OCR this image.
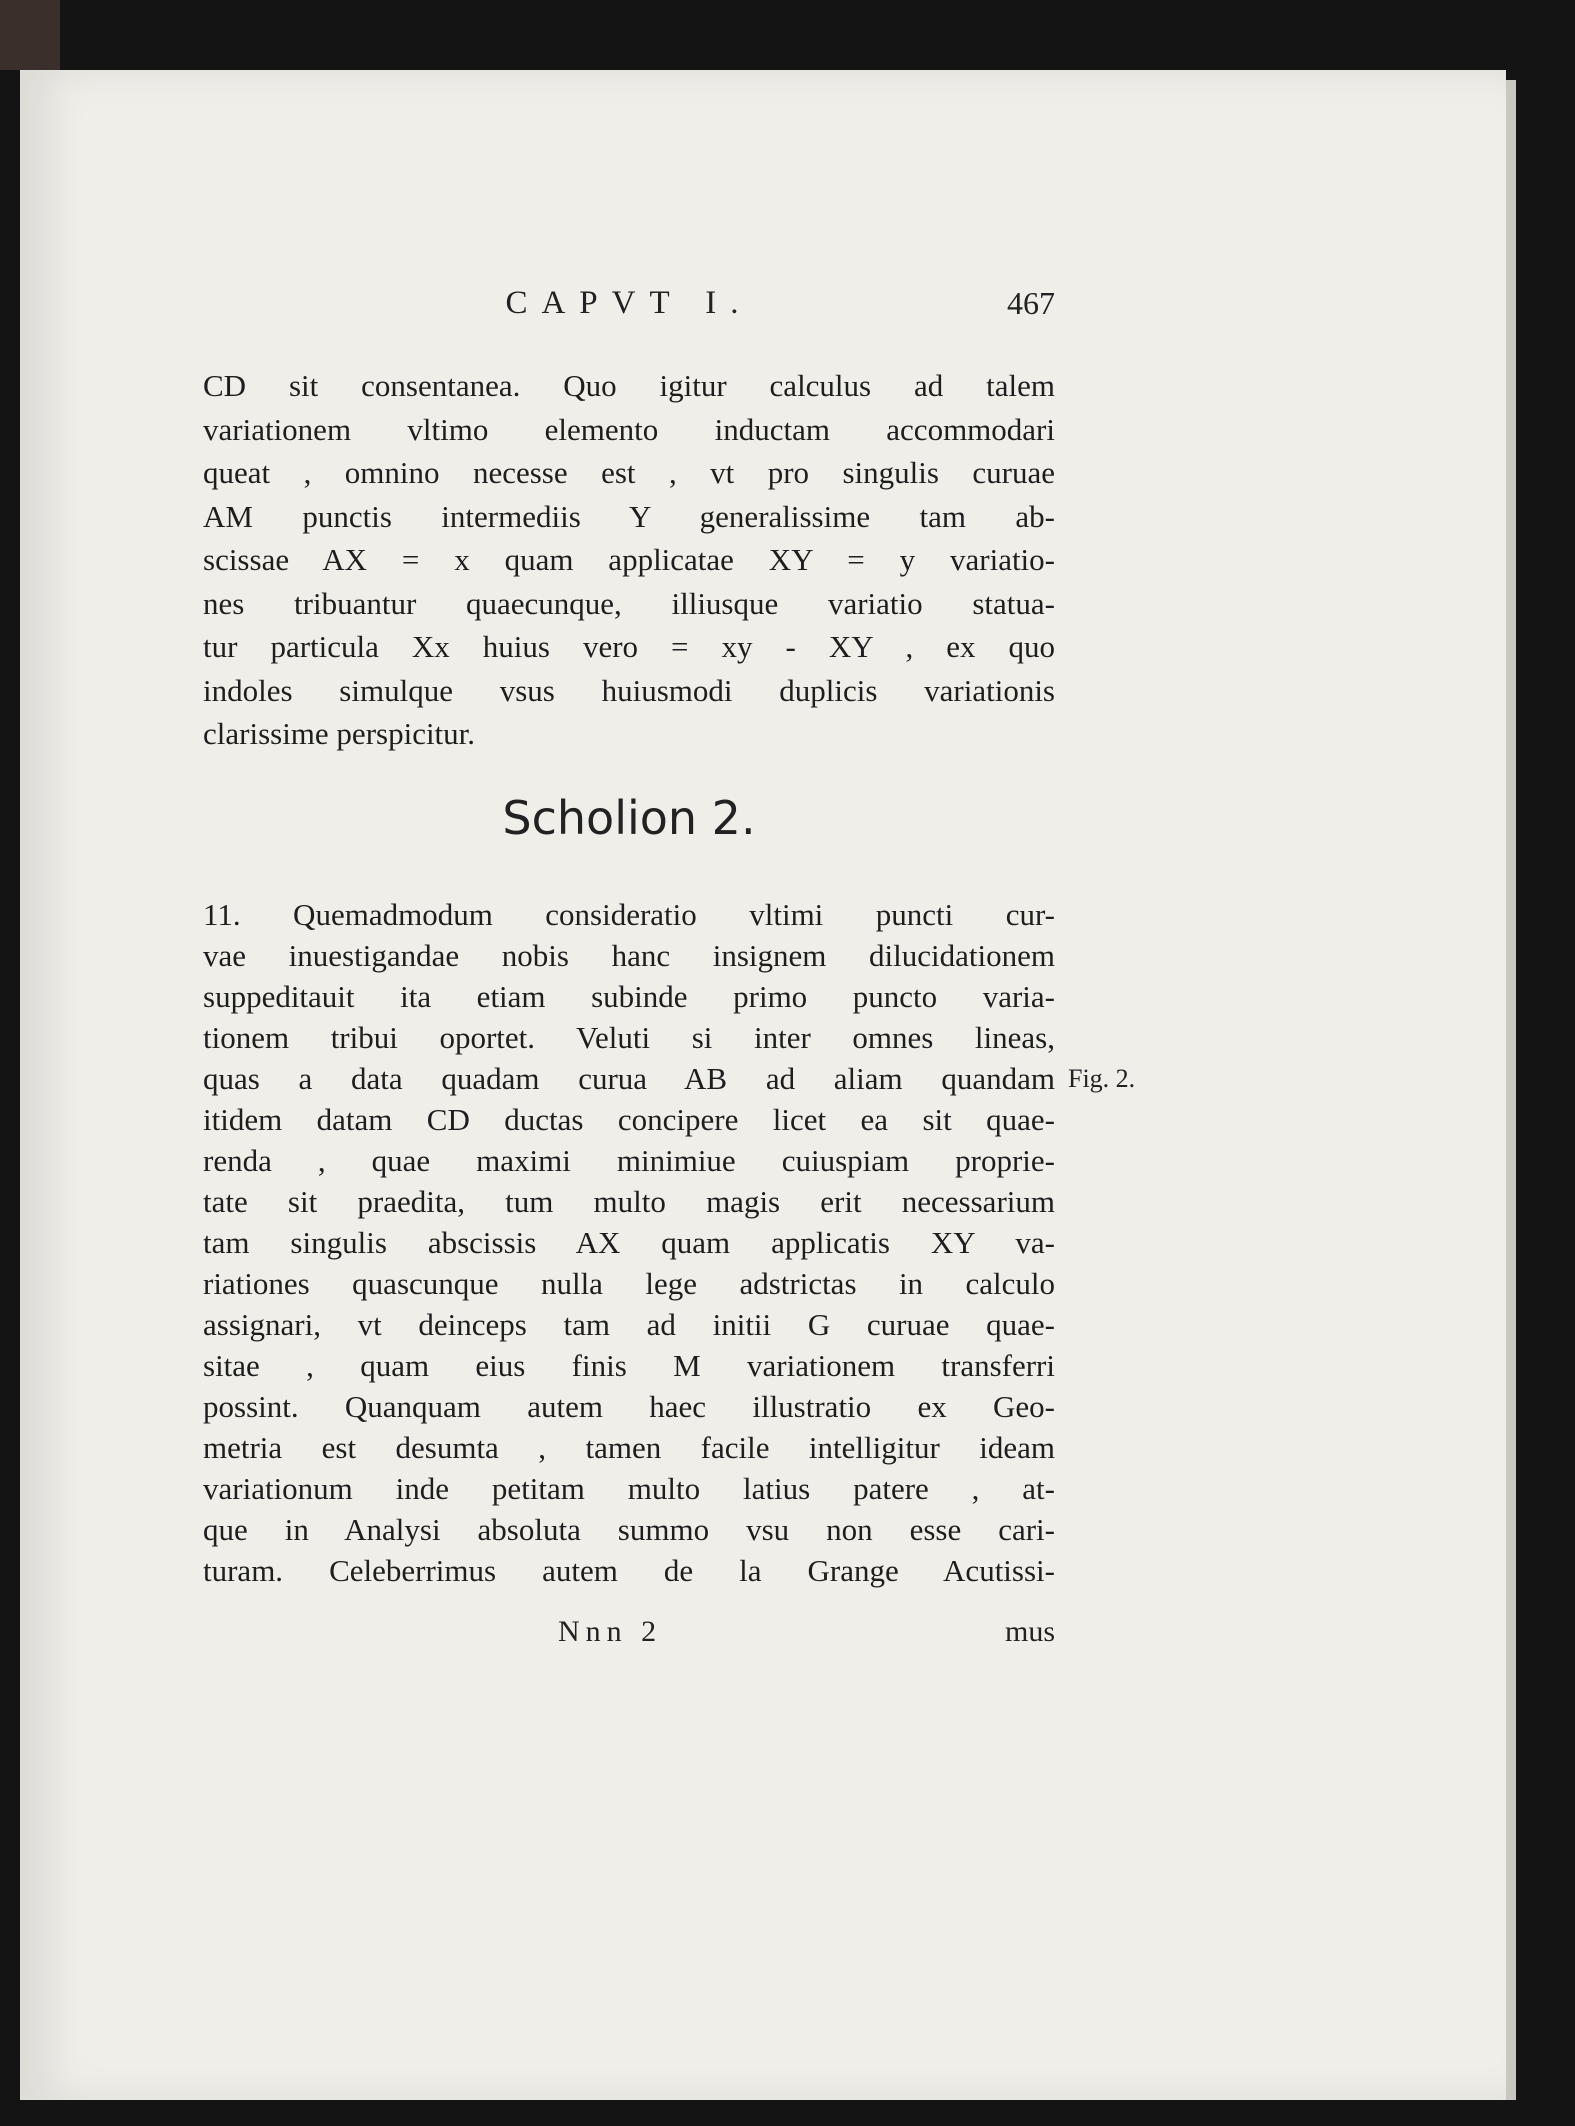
CAPVT I.	467
CD sit consentanea. Quo igitur calculus ad talem
variationem vltimo elemento inductam accommodari
queat , omnino necesse est , vt pro singulis curuae
AM punctis intermediis Y generalissime tam ab-
scissae AX = x quam applicatae XY = y variatio-
nes tribuantur quaecunque, illiusque variatio statua-
tur particula Xx huius vero = xy - XY , ex quo
indoles simulque vsus huiusmodi duplicis variationis
clarissime perspicitur.
Scholion 2.
11. Quemadmodum consideratio vltimi puncti cur-
vae inuestigandae nobis hanc insignem dilucidationem
suppeditauit ita etiam subinde primo puncto varia-
tionem tribui oportet. Veluti si inter omnes lineas,
quas a data quadam curua AB ad aliam quandam
itidem datam CD ductas concipere licet ea sit quae-
renda , quae maximi minimiue cuiuspiam proprie-
tate sit praedita, tum multo magis erit necessarium
tam singulis abscissis AX quam applicatis XY va-
riationes quascunque nulla lege adstrictas in calculo
assignari, vt deinceps tam ad initii G curuae quae-
sitae , quam eius finis M variationem transferri
possint. Quanquam autem haec illustratio ex Geo-
metria est desumta , tamen facile intelligitur ideam
variationum inde petitam multo latius patere , at-
que in Analysi absoluta summo vsu non esse cari-
turam. Celeberrimus autem de la Grange Acutissi-
Fig. 2.
Nnn 2	mus
